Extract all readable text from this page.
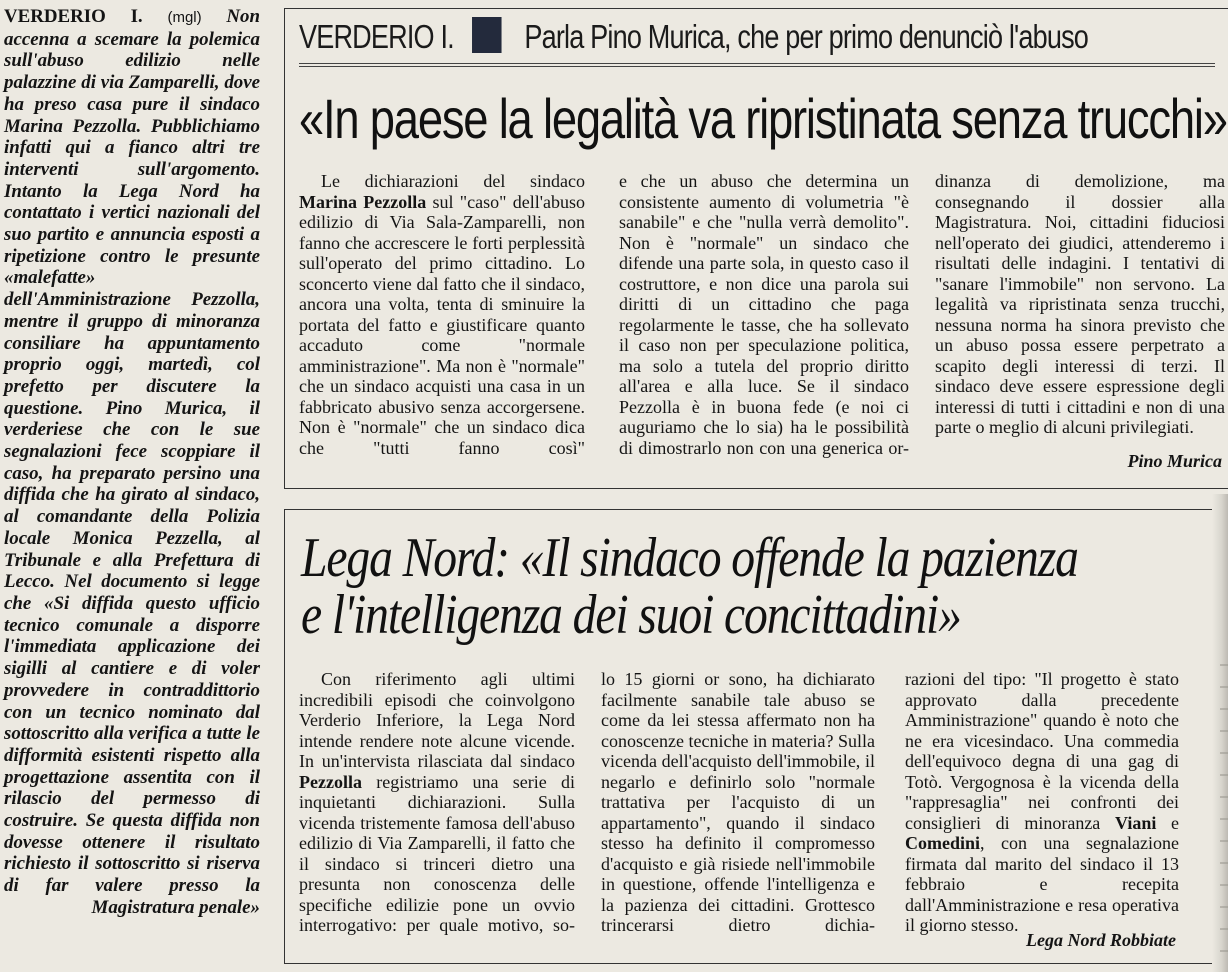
VERDERIO I. (mgl) Non accenna a scemare la polemica sull'abuso edilizio nelle palazzine di via Zamparelli, dove ha preso casa pure il sindaco Marina Pezzolla. Pubblichiamo infatti qui a fianco altri tre interventi sull'argomento. Intanto la Lega Nord ha contattato i vertici nazionali del suo partito e annuncia esposti a ripetizione contro le presunte «malefatte» dell'Amministrazione Pezzolla, mentre il gruppo di minoranza consiliare ha appuntamento proprio oggi, martedì, col prefetto per discutere la questione. Pino Murica, il verderiese che con le sue segnalazioni fece scoppiare il caso, ha preparato persino una diffida che ha girato al sindaco, al comandante della Polizia locale Monica Pezzella, al Tribunale e alla Prefettura di Lecco. Nel documento si legge che «Si diffida questo ufficio tecnico comunale a disporre l'immediata applicazione dei sigilli al cantiere e di voler provvedere in contraddittorio con un tecnico nominato dal sottoscritto alla verifica a tutte le difformità esistenti rispetto alla progettazione assentita con il rilascio del permesso di costruire. Se questa diffida non dovesse ottenere il risultato richiesto il sottoscritto si riserva di far valere presso la Magistratura penale»
VERDERIO I. Parla Pino Murica, che per primo denunciò l'abuso
«In paese la legalità va ripristinata senza trucchi»
Le dichiarazioni del sindaco Marina Pezzolla sul "caso" dell'abuso edilizio di Via Sala-Zamparelli, non fanno che accrescere le forti perplessità sull'operato del primo cittadino. Lo sconcerto viene dal fatto che il sindaco, ancora una volta, tenta di sminuire la portata del fatto e giustificare quanto accaduto come "normale amministrazione". Ma non è "normale" che un sindaco acquisti una casa in un fabbricato abusivo senza accorgersene. Non è "normale" che un sindaco dica che "tutti fanno così"
e che un abuso che determina un consistente aumento di volumetria "è sanabile" e che "nulla verrà demolito". Non è "normale" un sindaco che difende una parte sola, in questo caso il costruttore, e non dice una parola sui diritti di un cittadino che paga regolarmente le tasse, che ha sollevato il caso non per speculazione politica, ma solo a tutela del proprio diritto all'area e alla luce. Se il sindaco Pezzolla è in buona fede (e noi ci auguriamo che lo sia) ha le possibilità di dimostrarlo non con una generica or-
dinanza di demolizione, ma consegnando il dossier alla Magistratura. Noi, cittadini fiduciosi nell'operato dei giudici, attenderemo i risultati delle indagini. I tentativi di "sanare l'immobile" non servono. La legalità va ripristinata senza trucchi, nessuna norma ha sinora previsto che un abuso possa essere perpetrato a scapito degli interessi di terzi. Il sindaco deve essere espressione degli interessi di tutti i cittadini e non di una parte o meglio di alcuni privilegiati.
Pino Murica
Lega Nord: «Il sindaco offende la pazienza
e l'intelligenza dei suoi concittadini»
Con riferimento agli ultimi incredibili episodi che coinvolgono Verderio Inferiore, la Lega Nord intende rendere note alcune vicende. In un'intervista rilasciata dal sindaco Pezzolla registriamo una serie di inquietanti dichiarazioni. Sulla vicenda tristemente famosa dell'abuso edilizio di Via Zamparelli, il fatto che il sindaco si trinceri dietro una presunta non conoscenza delle specifiche edilizie pone un ovvio interrogativo: per quale motivo, so-
lo 15 giorni or sono, ha dichiarato facilmente sanabile tale abuso se come da lei stessa affermato non ha conoscenze tecniche in materia? Sulla vicenda dell'acquisto dell'immobile, il negarlo e definirlo solo "normale trattativa per l'acquisto di un appartamento", quando il sindaco stesso ha definito il compromesso d'acquisto e già risiede nell'immobile in questione, offende l'intelligenza e la pazienza dei cittadini. Grottesco trincerarsi dietro dichia-
razioni del tipo: "Il progetto è stato approvato dalla precedente Amministrazione" quando è noto che ne era vicesindaco. Una commedia dell'equivoco degna di una gag di Totò. Vergognosa è la vicenda della "rappresaglia" nei confronti dei consiglieri di minoranza Viani e Comedini, con una segnalazione firmata dal marito del sindaco il 13 febbraio e recepita dall'Amministrazione e resa operativa il giorno stesso.
Lega Nord Robbiate
